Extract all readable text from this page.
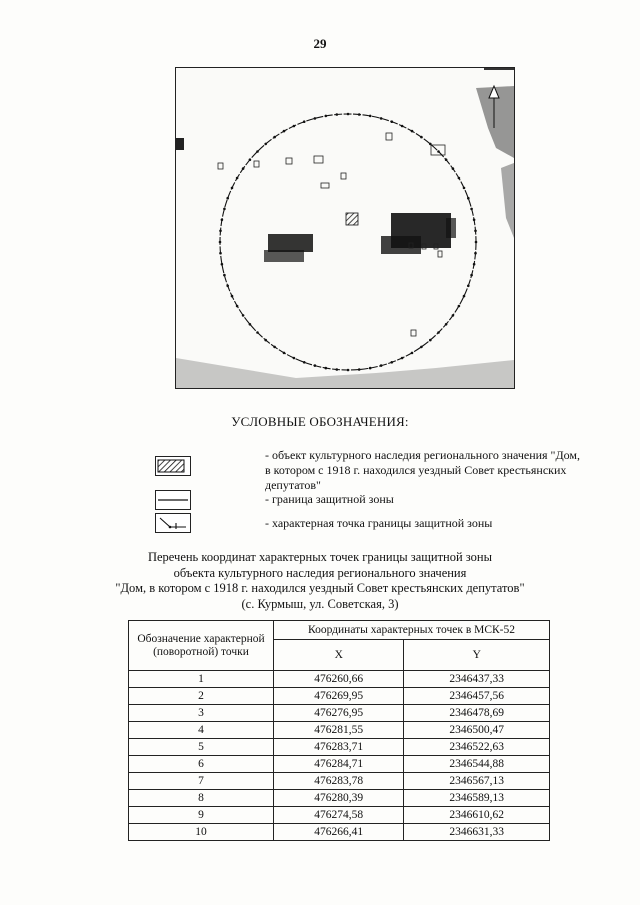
29
УСЛОВНЫЕ ОБОЗНАЧЕНИЯ:
- объект культурного наследия регионального значения "Дом, в котором с 1918 г. находился уездный Совет крестьянских депутатов"
- граница защитной зоны
- характерная точка границы защитной зоны
Перечень координат характерных точек границы защитной зоны
объекта культурного наследия регионального значения
"Дом, в котором с 1918 г. находился уездный Совет крестьянских депутатов"
(с. Курмыш, ул. Советская, 3)
Обозначение характерной (поворотной) точки	Координаты характерных точек в МСК-52	
	X	Y
1	476260,66	2346437,33
2	476269,95	2346457,56
3	476276,95	2346478,69
4	476281,55	2346500,47
5	476283,71	2346522,63
6	476284,71	2346544,88
7	476283,78	2346567,13
8	476280,39	2346589,13
9	476274,58	2346610,62
10	476266,41	2346631,33
